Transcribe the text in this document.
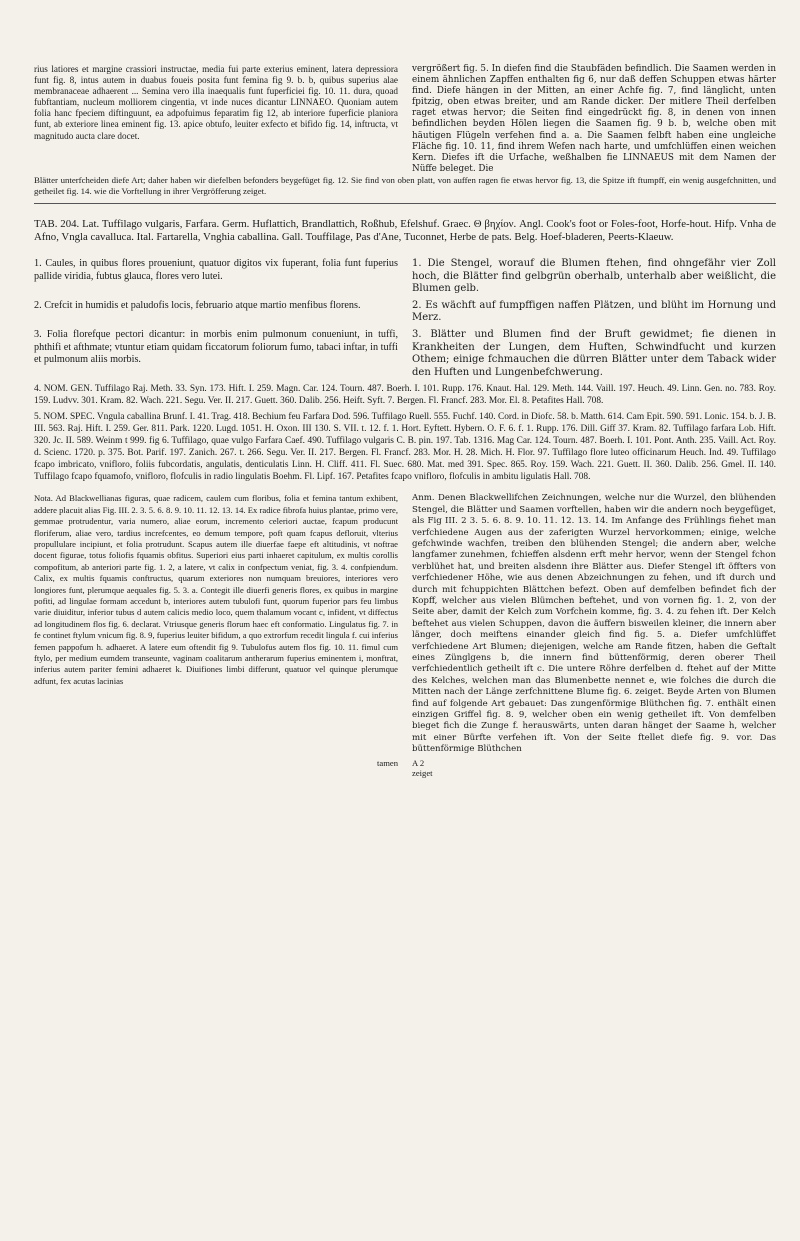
rius latiores et margine crassiori instructae, media fui parte exterius eminent, latera depressiora funt fig. 8, intus autem in duabus foueis posita funt femina fig 9. b. b, quibus superius alae membranaceae adhaerent ... Semina vero illa inaequalis funt fuperficiei fig. 10. 11. dura, quoad fubftantiam, nucleum molliorem cingentia, vt inde nuces dicantur LINNAEO. Quoniam autem folia hanc fpeciem diftinguunt, ea adpofuimus feparatim fig 12, ab interiore fuperficie planiora funt, ab exteriore linea eminent fig. 13. apice obtufo, leuiter exfecto et bifido fig. 14, inftructa, vt magnitudo aucta clare docet.
vergrößert fig. 5. In diefen find die Staubfäden befindlich. Die Saamen werden in einem ähnlichen Zapffen enthalten fig 6, nur daß deffen Schuppen etwas härter find. Diefe hängen in der Mitten, an einer Achfe fig. 7, find länglicht, unten fpitzig, oben etwas breiter, und am Rande dicker. Der mitlere Theil derfelben raget etwas hervor; die Seiten find eingedrückt fig. 8, in denen von innen befindlichen beyden Hölen liegen die Saamen fig. 9 b. b, welche oben mit häutigen Flügeln verfehen find a. a. Die Saamen felbft haben eine ungleiche Fläche fig. 10. 11, find ihrem Wefen nach harte, und umfchlüffen einen weichen Kern. Diefes ift die Urfache, weßhalben fie LINNAEUS mit dem Namen der Nüffe beleget. Die
Blätter unterfcheiden diefe Art; daher haben wir diefelben befonders beygefüget fig. 12. Sie find von oben platt, von auffen ragen fie etwas hervor fig. 13, die Spitze ift ftumpff, ein wenig ausgefchnitten, und getheilet fig. 14. wie die Vorftellung in ihrer Vergröfferung zeiget.
TAB. 204. Lat. Tuffilago vulgaris, Farfara. Germ. Huflattich, Brandlattich, Roßhub, Efelshuf. Graec. Θ βηχίον. Angl. Cook's foot or Foles-foot, Horfe-hout. Hifp. Vnha de Afno, Vngla cavalluca. Ital. Fartarella, Vnghia caballina. Gall. Touffilage, Pas d'Ane, Tuconnet, Herbe de pats. Belg. Hoef-bladeren, Peerts-Klaeuw.
1. Caules, in quibus flores proueniunt, quatuor digitos vix fuperant, folia funt fuperius pallide viridia, fubtus glauca, flores vero lutei.
1. Die Stengel, worauf die Blumen ftehen, find ohngefähr vier Zoll hoch, die Blätter find gelbgrün oberhalb, unterhalb aber weißlicht, die Blumen gelb.
2. Crefcit in humidis et paludofis locis, februario atque martio menfibus florens.	2. Es wächft auf fumpffigen naffen Plätzen, und blüht im Hornung und Merz.
3. Folia florefque pectori dicantur: in morbis enim pulmonum conueniunt, in tuffi, phthifi et afthmate; vtuntur etiam quidam ficcatorum foliorum fumo, tabaci inftar, in tuffi et pulmonum aliis morbis.
3. Blätter und Blumen find der Bruft gewidmet; fie dienen in Krankheiten der Lungen, dem Huften, Schwindfucht und kurzen Othem; einige fchmauchen die dürren Blätter unter dem Taback wider den Huften und Lungenbefchwerung.
4. NOM. GEN. Tuffilago Raj. Meth. 33. Syn. 173. Hift. I. 259. Magn. Car. 124. Tourn. 487. Boerh. I. 101. Rupp. 176. Knaut. Hal. 129. Meth. 144. Vaill. 197. Heuch. 49. Linn. Gen. no. 783. Roy. 159. Ludvv. 301. Kram. 82. Wach. 221. Segu. Ver. II. 217. Guett. 360. Dalib. 256. Heift. Syft. 7. Bergen. Fl. Francf. 283. Mor. El. 8. Petafites Hall. 708.
5. NOM. SPEC. Vngula caballina Brunf. I. 41. Trag. 418. Bechium feu Farfara Dod. 596. Tuffilago Ruell. 555. Fuchf. 140. Cord. in Diofc. 58. b. Matth. 614. Cam Epit. 590. 591. Lonic. 154. b. J. B. III. 563. Raj. Hift. I. 259. Ger. 811. Park. 1220. Lugd. 1051. H. Oxon. III 130. S. VII. t. 12. f. 1. Hort. Eyftett. Hybern. O. F. 6. f. 1. Rupp. 176. Dill. Giff 37. Kram. 82. Tuffilago farfara Lob. Hift. 320. Jc. II. 589. Weinm t 999. fig 6. Tuffilago, quae vulgo Farfara Caef. 490. Tuffilago vulgaris C. B. pin. 197. Tab. 1316. Mag Car. 124. Tourn. 487. Boerh. I. 101. Pont. Anth. 235. Vaill. Act. Roy. d. Scienc. 1720. p. 375. Bot. Parif. 197. Zanich. 267. t. 266. Segu. Ver. II. 217. Bergen. Fl. Francf. 283. Mor. H. 28. Mich. H. Flor. 97. Tuffilago flore luteo officinarum Heuch. Ind. 49. Tuffilago fcapo imbricato, vnifloro, foliis fubcordatis, angulatis, denticulatis Linn. H. Cliff. 411. Fl. Suec. 680. Mat. med 391. Spec. 865. Roy. 159. Wach. 221. Guett. II. 360. Dalib. 256. Gmel. II. 140. Tuffilago fcapo fquamofo, vnifloro, flofculis in radio lingulatis Boehm. Fl. Lipf. 167. Petafites fcapo vnifloro, flofculis in ambitu ligulatis Hall. 708.
Nota. Ad Blackwellianas figuras, quae radicem, caulem cum floribus, folia et femina tantum exhibent, addere placuit alias Fig. III. 2. 3. 5. 6. 8. 9. 10. 11. 12. 13. 14. Ex radice fibrofa huius plantae, primo vere, gemmae protrudentur, varia numero, aliae eorum, incremento celeriori auctae, fcapum producunt floriferum, aliae vero, tardius increfcentes, eo demum tempore, poft quam fcapus defloruit, vlterius propullulare incipiunt, et folia protrudunt. Scapus autem ille diuerfae faepe eft altitudinis, vt noftrae docent figurae, totus foliofis fquamis obfitus. Superiori eius parti inhaeret capitulum, ex multis corollis compofitum, ab anteriori parte fig. 1. 2, a latere, vt calix in confpectum veniat, fig. 3. 4. confpiendum. Calix, ex multis fquamis conftructus, quarum exteriores non numquam breuiores, interiores vero longiores funt, plerumque aequales fig. 5. 3. a. Contegit ille diuerfi generis flores, ex quibus in margine pofiti, ad lingulae formam accedunt b, interiores autem tubulofi funt, quorum fuperior pars feu limbus varie diuiditur, inferior tubus d autem calicis medio loco, quem thalamum vocant c, infident, vt diffectus ad longitudinem flos fig. 6. declarat. Vtriusque generis florum haec eft conformatio. Lingulatus fig. 7. in fe continet ftylum vnicum fig. 8. 9, fuperius leuiter bifidum, a quo extrorfum recedit lingula f. cui inferius femen pappofum h. adhaeret. A latere eum oftendit fig 9. Tubulofus autem flos fig. 10. 11. fimul cum ftylo, per medium eumdem transeunte, vaginam coalitarum antherarum fuperius eminentem i, monftrat, inferius autem pariter femini adhaeret k. Diuifiones limbi differunt, quatuor vel quinque plerumque adfunt, fex acutas lacinias
Anm. Denen Blackwellifchen Zeichnungen, welche nur die Wurzel, den blühenden Stengel, die Blätter und Saamen vorftellen, haben wir die andern noch beygefüget, als Fig III. 2 3. 5. 6. 8. 9. 10. 11. 12. 13. 14. Im Anfange des Frühlings fiehet man verfchiedene Augen aus der zaferigten Wurzel hervorkommen; einige, welche gefchwinde wachfen, treiben den blühenden Stengel; die andern aber, welche langfamer zunehmen, fchieffen alsdenn erft mehr hervor, wenn der Stengel fchon verblühet hat, und breiten alsdenn ihre Blätter aus. Diefer Stengel ift öffters von verfchiedener Höhe, wie aus denen Abzeichnungen zu fehen, und ift durch und durch mit fchuppichten Blättchen befezt. Oben auf demfelben befindet fich der Kopff, welcher aus vielen Blümchen beftehet, und von vornen fig. 1. 2, von der Seite aber, damit der Kelch zum Vorfchein komme, fig. 3. 4. zu fehen ift. Der Kelch beftehet aus vielen Schuppen, davon die äuffern bisweilen kleiner, die innern aber länger, doch meiftens einander gleich find fig. 5. a. Diefer umfchlüffet verfchiedene Art Blumen; diejenigen, welche am Rande fitzen, haben die Geftalt eines Zünglgens b, die innern find büttenförmig, deren oberer Theil verfchiedentlich getheilt ift c. Die untere Röhre derfelben d. ftehet auf der Mitte des Kelches, welchen man das Blumenbette nennet e, wie folches die durch die Mitten nach der Länge zerfchnittene Blume fig. 6. zeiget. Beyde Arten von Blumen find auf folgende Art gebauet: Das zungenförmige Blüthchen fig. 7. enthält einen einzigen Griffel fig. 8. 9, welcher oben ein wenig getheilet ift. Von demfelben bieget fich die Zunge f. herauswärts, unten daran hänget der Saame h, welcher mit einer Bürfte verfehen ift. Von der Seite ftellet diefe fig. 9. vor. Das büttenförmige Blüthchen
tamen	A 2
zeiget
